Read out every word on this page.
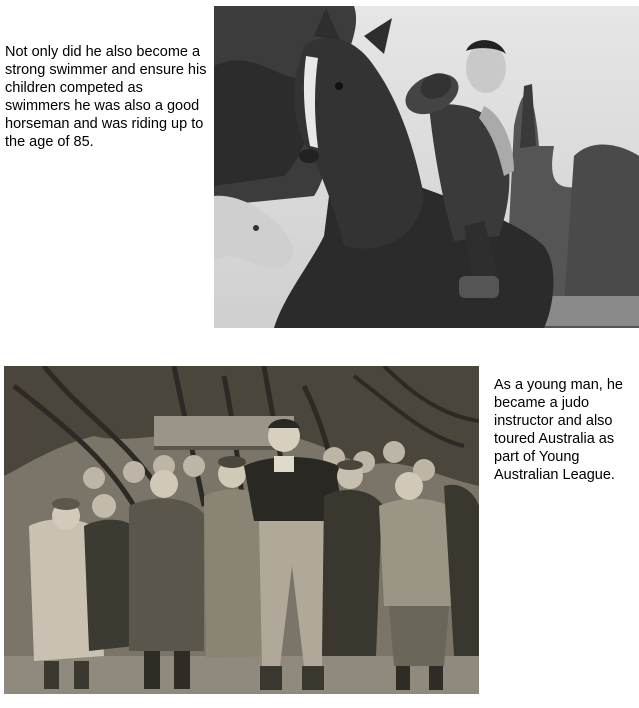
Not only did he also become a strong swimmer and ensure his children competed as swimmers he was also a good horseman and was riding up to the age of 85.

As a young man, he became a judo instructor and also toured Australia as part of Young Australian League.
